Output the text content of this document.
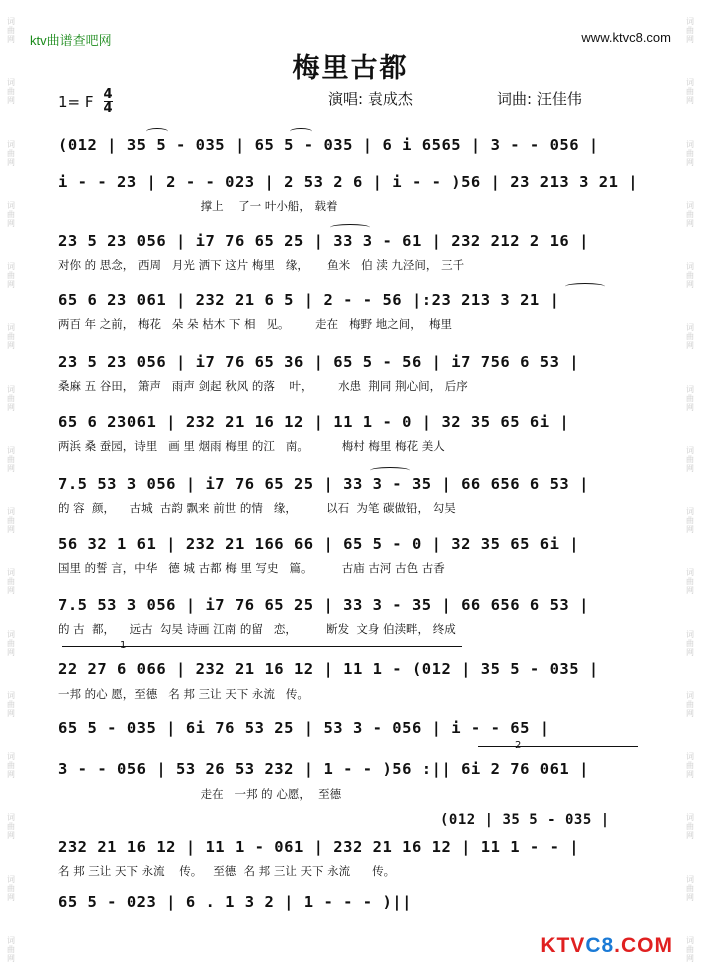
词曲网
词曲网
词曲网
词曲网
词曲网
词曲网
词曲网
词曲网
词曲网
词曲网
词曲网
词曲网
词曲网
词曲网
词曲网
词曲网
词曲网
词曲网
词曲网
词曲网
词曲网
词曲网
词曲网
词曲网
词曲网
词曲网
词曲网
词曲网
词曲网
词曲网
词曲网
词曲网
ktv曲谱查吧网	www.ktvc8.com
梅里古都
1= F $\frac{4}{4}$	演唱: 袁成杰	词曲: 汪佳伟
(012 | 35 5 - 035 | 65 5 - 035 | 6 i 6565 | 3 - - 056 |
i - - 23 | 2 - - 023 | 2 53 2 6 | i - - )56 | 23 213 3 21 |
撑上    了一 叶小船， 载着
23 5 23 056 | i7 76 65 25 | 33 3 - 61 | 232 212 2 16 |
对你 的 思念， 西周   月光 洒下 这片 梅里   缘，     鱼米   伯 渎 九泾间， 三千
65 6 23 061 | 232 21 6 5 | 2 - - 56 |:23 213 3 21 |
两百 年 之前， 梅花   朵 朵 枯木 下 相   见。       走在   梅野 地之间，  梅里
23 5 23 056 | i7 76 65 36 | 65 5 - 56 | i7 756 6 53 |
桑麻 五 谷田， 箫声   雨声 剑起 秋风 的落    叶，       水患  荆同 荆心间， 后序
65 6 23061 | 232 21 16 12 | 11 1 - 0 | 32 35 65 6i |
两浜 桑 蚕园，诗里   画 里 烟雨 梅里 的江   南。         梅村 梅里 梅花 美人
7.5 53 3 056 | i7 76 65 25 | 33 3 - 35 | 66 656 6 53 |
的 容  颜，    古城  古韵 飘来 前世 的情   缘，        以石  为笔 碳做铅， 勾吴
56 32 1 61 | 232 21 166 66 | 65 5 - 0 | 32 35 65 6i |
国里 的誓 言，中华   德 城 古都 梅 里 写史   篇。        古庙 古河 古色 古香
7.5 53 3 056 | i7 76 65 25 | 33 3 - 35 | 66 656 6 53 |
的 古  都，    远古  勾吴 诗画 江南 的留   恋，        断发  文身 伯渎畔， 终成
1
22 27 6 066 | 232 21 16 12 | 11 1 - (012 | 35 5 - 035 |
一邦 的心 愿，至德   名 邦 三让 天下 永流   传。
65 5 - 035 | 6i 76 53 25 | 53 3 - 056 | i - - 65 |
2
3 - - 056 | 53 26 53 232 | 1 - - )56 :|| 6i 2 76 061 |
走在   一邦 的 心愿，  至德
(012 | 35 5 - 035 |
232 21 16 12 | 11 1 - 061 | 232 21 16 12 | 11 1 - - |
名 邦 三让 天下 永流    传。   至德  名 邦 三让 天下 永流      传。
65 5 - 023 | 6 . 1 3 2 | 1 - - - )||
KTVC8.COM
